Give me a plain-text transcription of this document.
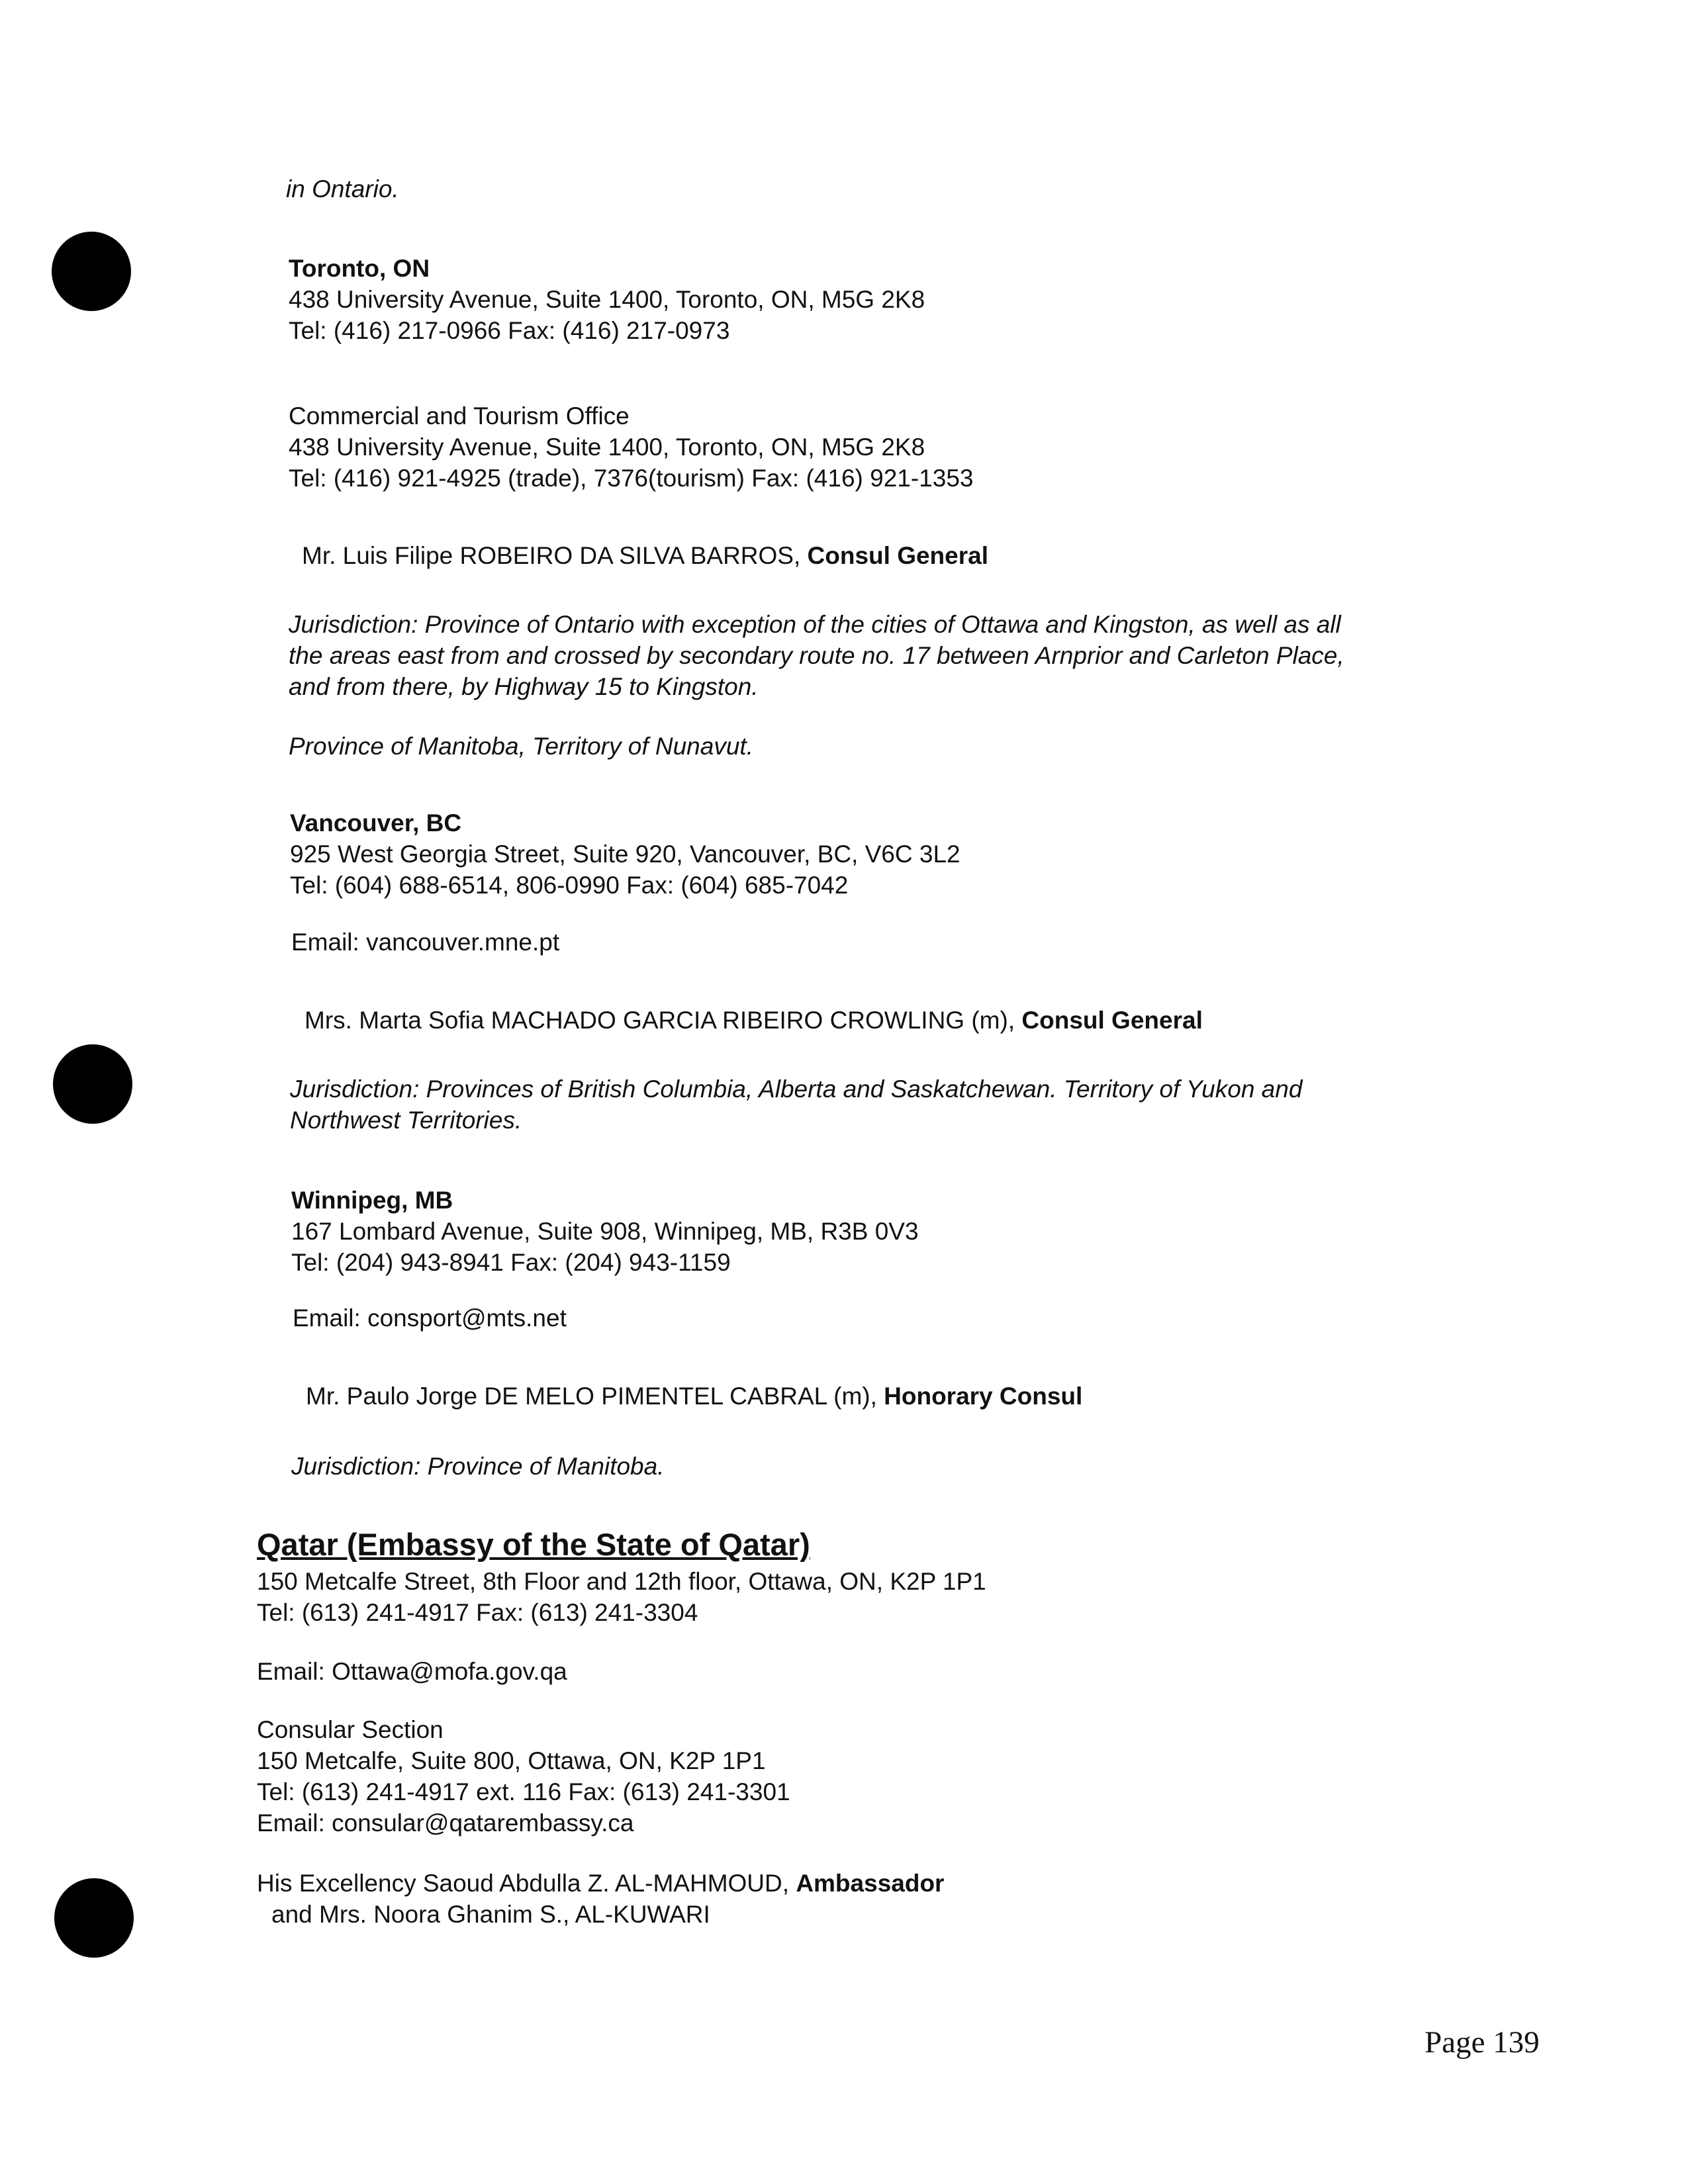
in Ontario.
Toronto, ON
438 University Avenue, Suite 1400, Toronto, ON, M5G 2K8
Tel: (416) 217-0966 Fax: (416) 217-0973
Commercial and Tourism Office
438 University Avenue, Suite 1400, Toronto, ON, M5G 2K8
Tel: (416) 921-4925 (trade), 7376(tourism) Fax: (416) 921-1353
Mr. Luis Filipe ROBEIRO DA SILVA BARROS, Consul General
Jurisdiction: Province of Ontario with exception of the cities of Ottawa and Kingston, as well as all
the areas east from and crossed by secondary route no. 17 between Arnprior and Carleton Place,
and from there, by Highway 15 to Kingston.
Province of Manitoba, Territory of Nunavut.
Vancouver, BC
925 West Georgia Street, Suite 920, Vancouver, BC, V6C 3L2
Tel: (604) 688-6514, 806-0990 Fax: (604) 685-7042
Email: vancouver.mne.pt
Mrs. Marta Sofia MACHADO GARCIA RIBEIRO CROWLING (m), Consul General
Jurisdiction: Provinces of British Columbia, Alberta and Saskatchewan. Territory of Yukon and
Northwest Territories.
Winnipeg, MB
167 Lombard Avenue, Suite 908, Winnipeg, MB, R3B 0V3
Tel: (204) 943-8941 Fax: (204) 943-1159
Email: consport@mts.net
Mr. Paulo Jorge DE MELO PIMENTEL CABRAL (m), Honorary Consul
Jurisdiction: Province of Manitoba.
Qatar (Embassy of the State of Qatar)
150 Metcalfe Street, 8th Floor and 12th floor, Ottawa, ON, K2P 1P1
Tel: (613) 241-4917 Fax: (613) 241-3304
Email: Ottawa@mofa.gov.qa
Consular Section
150 Metcalfe, Suite 800, Ottawa, ON, K2P 1P1
Tel: (613) 241-4917 ext. 116 Fax: (613) 241-3301
Email: consular@qatarembassy.ca
His Excellency Saoud Abdulla Z. AL-MAHMOUD, Ambassador
and Mrs. Noora Ghanim S., AL-KUWARI
Page 139
